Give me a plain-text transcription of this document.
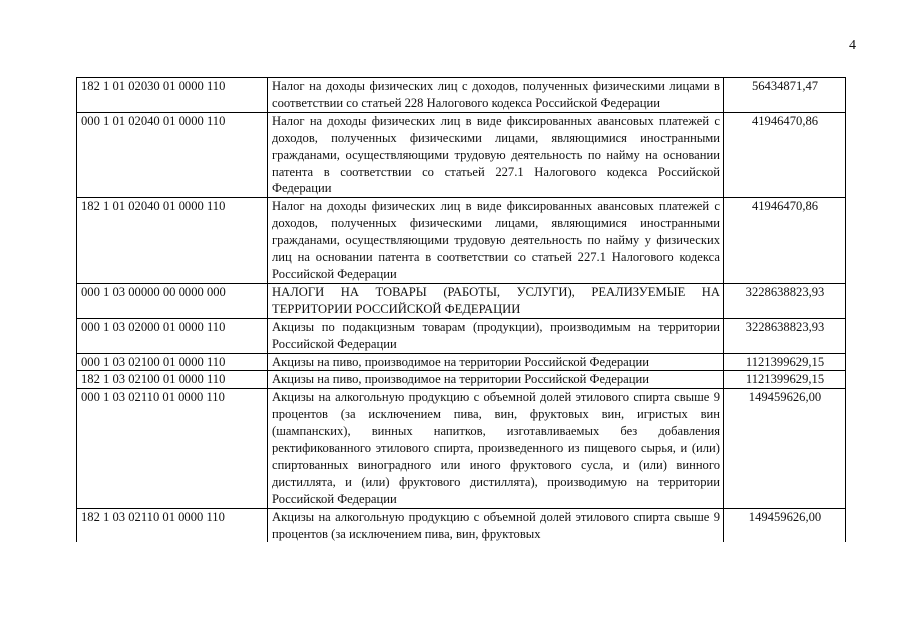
4
182 1 01 02030 01 0000 110	Налог на доходы физических лиц с доходов, полученных физическими лицами в соответствии со статьей 228 Налогового кодекса Российской Федерации	56434871,47
000 1 01 02040 01 0000 110	Налог на доходы физических лиц в виде фиксированных авансовых платежей с доходов, полученных физическими лицами, являющимися иностранными гражданами, осуществляющими трудовую деятельность по найму на основании патента в соответствии со статьей 227.1 Налогового кодекса Российской Федерации	41946470,86
182 1 01 02040 01 0000 110	Налог на доходы физических лиц в виде фиксированных авансовых платежей с доходов, полученных физическими лицами, являющимися иностранными гражданами, осуществляющими трудовую деятельность по найму у физических лиц на основании патента в соответствии со статьей 227.1 Налогового кодекса Российской Федерации	41946470,86
000 1 03 00000 00 0000 000	НАЛОГИ НА ТОВАРЫ (РАБОТЫ, УСЛУГИ), РЕАЛИЗУЕМЫЕ НА ТЕРРИТОРИИ РОССИЙСКОЙ ФЕДЕРАЦИИ	3228638823,93
000 1 03 02000 01 0000 110	Акцизы по подакцизным товарам (продукции), производимым на территории Российской Федерации	3228638823,93
000 1 03 02100 01 0000 110	Акцизы на пиво, производимое на территории Российской Федерации	1121399629,15
182 1 03 02100 01 0000 110	Акцизы на пиво, производимое на территории Российской Федерации	1121399629,15
000 1 03 02110 01 0000 110	Акцизы на алкогольную продукцию с объемной долей этилового спирта свыше 9 процентов (за исключением пива, вин, фруктовых вин, игристых вин (шампанских), винных напитков, изготавливаемых без добавления ректификованного этилового спирта, произведенного из пищевого сырья, и (или) спиртованных виноградного или иного фруктового сусла, и (или) винного дистиллята, и (или) фруктового дистиллята), производимую на территории Российской Федерации	149459626,00
182 1 03 02110 01 0000 110	Акцизы на алкогольную продукцию с объемной долей этилового спирта свыше 9 процентов (за исключением пива, вин, фруктовых	149459626,00
